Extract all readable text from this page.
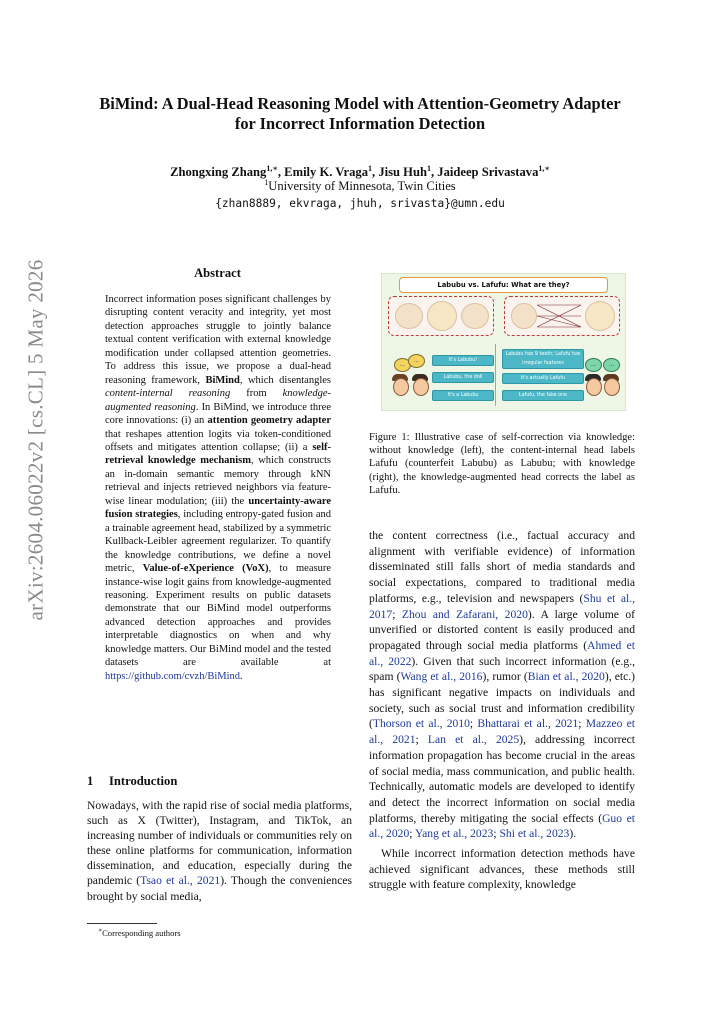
arXiv:2604.06022v2 [cs.CL] 5 May 2026
BiMind: A Dual-Head Reasoning Model with Attention-Geometry Adapter
for Incorrect Information Detection
Zhongxing Zhang$^{1,∗}$, Emily K. Vraga$^1$, Jisu Huh$^1$, Jaideep Srivastava$^{1,∗}$
$^1$University of Minnesota, Twin Cities
{zhan8889, ekvraga, jhuh, srivasta}@umn.edu
Abstract
Incorrect information poses significant challenges by disrupting content veracity and integrity, yet most detection approaches struggle to jointly balance textual content verification with external knowledge modification under collapsed attention geometries. To address this issue, we propose a dual-head reasoning framework, BiMind, which disentangles content-internal reasoning from knowledge-augmented reasoning. In BiMind, we introduce three core innovations: (i) an attention geometry adapter that reshapes attention logits via token-conditioned offsets and mitigates attention collapse; (ii) a self-retrieval knowledge mechanism, which constructs an in-domain semantic memory through kNN retrieval and injects retrieved neighbors via feature-wise linear modulation; (iii) the uncertainty-aware fusion strategies, including entropy-gated fusion and a trainable agreement head, stabilized by a symmetric Kullback-Leibler agreement regularizer. To quantify the knowledge contributions, we define a novel metric, Value-of-eXperience (VoX), to measure instance-wise logit gains from knowledge-augmented reasoning. Experiment results on public datasets demonstrate that our BiMind model outperforms advanced detection approaches and provides interpretable diagnostics on when and why knowledge matters. Our BiMind model and the tested datasets are available at https://github.com/cvzh/BiMind.
1 Introduction
Nowadays, with the rapid rise of social media platforms, such as X (Twitter), Instagram, and TikTok, an increasing number of individuals or communities rely on these online platforms for communication, information dissemination, and education, especially during the pandemic (Tsao et al., 2021). Though the conveniences brought by social media,
∗Corresponding authors
Labubu vs. Lafufu: What are they?
…
…	It's Labubu!
Labubu, the doll
It's a Labubu
Labubu has 9 teeth; Lafufu has irregular features
It's actually Lafufu
Lafufu, the fake one
…	…
Figure 1: Illustrative case of self-correction via knowledge: without knowledge (left), the content-internal head labels Lafufu (counterfeit Labubu) as Labubu; with knowledge (right), the knowledge-augmented head corrects the label as Lafufu.

the content correctness (i.e., factual accuracy and alignment with verifiable evidence) of information disseminated still falls short of media standards and social expectations, compared to traditional media platforms, e.g., television and newspapers (Shu et al., 2017; Zhou and Zafarani, 2020). A large volume of unverified or distorted content is easily produced and propagated through social media platforms (Ahmed et al., 2022). Given that such incorrect information (e.g., spam (Wang et al., 2016), rumor (Bian et al., 2020), etc.) has significant negative impacts on individuals and society, such as social trust and information credibility (Thorson et al., 2010; Bhattarai et al., 2021; Mazzeo et al., 2021; Lan et al., 2025), addressing incorrect information propagation has become crucial in the areas of social media, mass communication, and public health. Technically, automatic models are developed to identify and detect the incorrect information on social media platforms, thereby mitigating the social effects (Guo et al., 2020; Yang et al., 2023; Shi et al., 2023).

While incorrect information detection methods have achieved significant advances, these methods still struggle with feature complexity, knowledge
